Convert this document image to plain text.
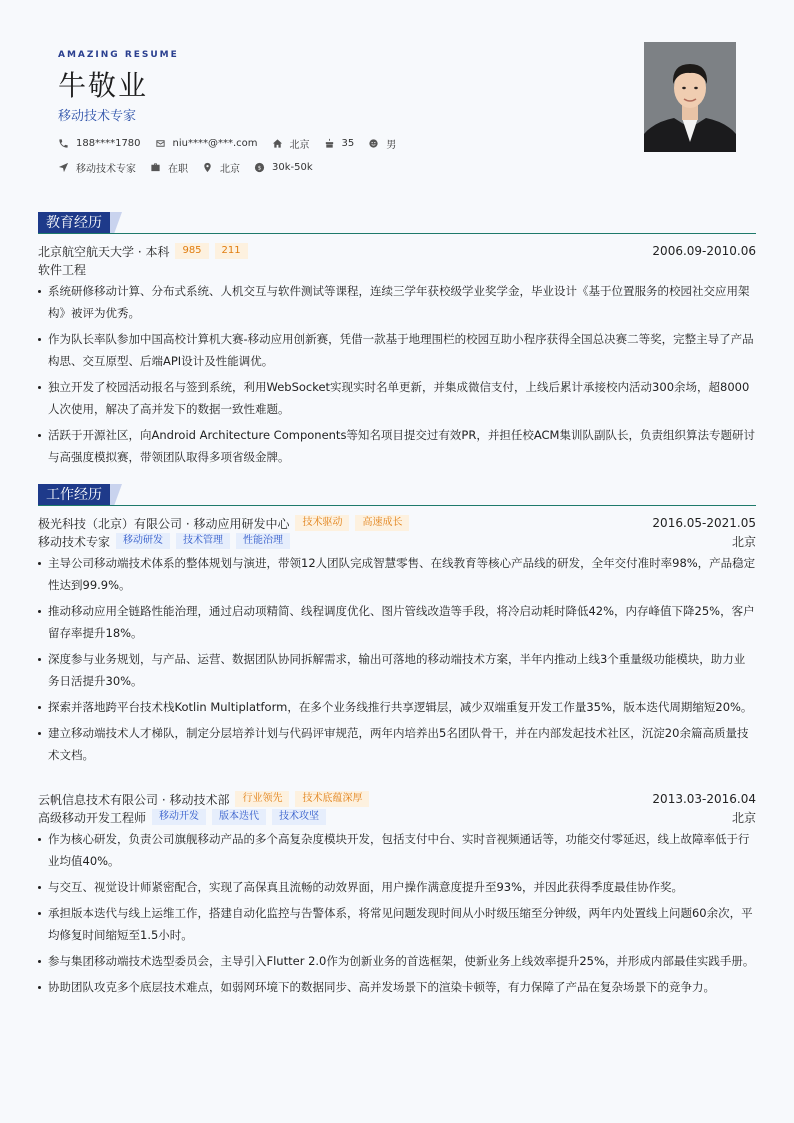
AMAZING RESUME
牛敬业
移动技术专家
188****1780	niu****@***.com	北京	35	男
移动技术专家	在职	北京 $ 30k-50k
教育经历
北京航空航天大学 · 本科	985	211	2006.09-2010.06
软件工程
系统研修移动计算、分布式系统、人机交互与软件测试等课程，连续三学年获校级学业奖学金，毕业设计《基于位置服务的校园社交应用架构》被评为优秀。
作为队长率队参加中国高校计算机大赛-移动应用创新赛，凭借一款基于地理围栏的校园互助小程序获得全国总决赛二等奖，完整主导了产品构思、交互原型、后端API设计及性能调优。
独立开发了校园活动报名与签到系统，利用WebSocket实现实时名单更新，并集成微信支付，上线后累计承接校内活动300余场，超8000人次使用，解决了高并发下的数据一致性难题。
活跃于开源社区，向Android Architecture Components等知名项目提交过有效PR，并担任校ACM集训队副队长，负责组织算法专题研讨与高强度模拟赛，带领团队取得多项省级金牌。
工作经历
极光科技（北京）有限公司 · 移动应用研发中心	技术驱动	高速成长	2016.05-2021.05
移动技术专家	移动研发	技术管理	性能治理	北京
主导公司移动端技术体系的整体规划与演进，带领12人团队完成智慧零售、在线教育等核心产品线的研发，全年交付准时率98%，产品稳定性达到99.9%。
推动移动应用全链路性能治理，通过启动项精简、线程调度优化、图片管线改造等手段，将冷启动耗时降低42%，内存峰值下降25%，客户留存率提升18%。
深度参与业务规划，与产品、运营、数据团队协同拆解需求，输出可落地的移动端技术方案，半年内推动上线3个重量级功能模块，助力业务日活提升30%。
探索并落地跨平台技术栈Kotlin Multiplatform，在多个业务线推行共享逻辑层，减少双端重复开发工作量35%，版本迭代周期缩短20%。
建立移动端技术人才梯队，制定分层培养计划与代码评审规范，两年内培养出5名团队骨干，并在内部发起技术社区，沉淀20余篇高质量技术文档。
云帆信息技术有限公司 · 移动技术部	行业领先	技术底蕴深厚	2013.03-2016.04
高级移动开发工程师	移动开发	版本迭代	技术攻坚	北京
作为核心研发，负责公司旗舰移动产品的多个高复杂度模块开发，包括支付中台、实时音视频通话等，功能交付零延迟，线上故障率低于行业均值40%。
与交互、视觉设计师紧密配合，实现了高保真且流畅的动效界面，用户操作满意度提升至93%，并因此获得季度最佳协作奖。
承担版本迭代与线上运维工作，搭建自动化监控与告警体系，将常见问题发现时间从小时级压缩至分钟级，两年内处置线上问题60余次，平均修复时间缩短至1.5小时。
参与集团移动端技术选型委员会，主导引入Flutter 2.0作为创新业务的首选框架，使新业务上线效率提升25%，并形成内部最佳实践手册。
协助团队攻克多个底层技术难点，如弱网环境下的数据同步、高并发场景下的渲染卡顿等，有力保障了产品在复杂场景下的竞争力。
